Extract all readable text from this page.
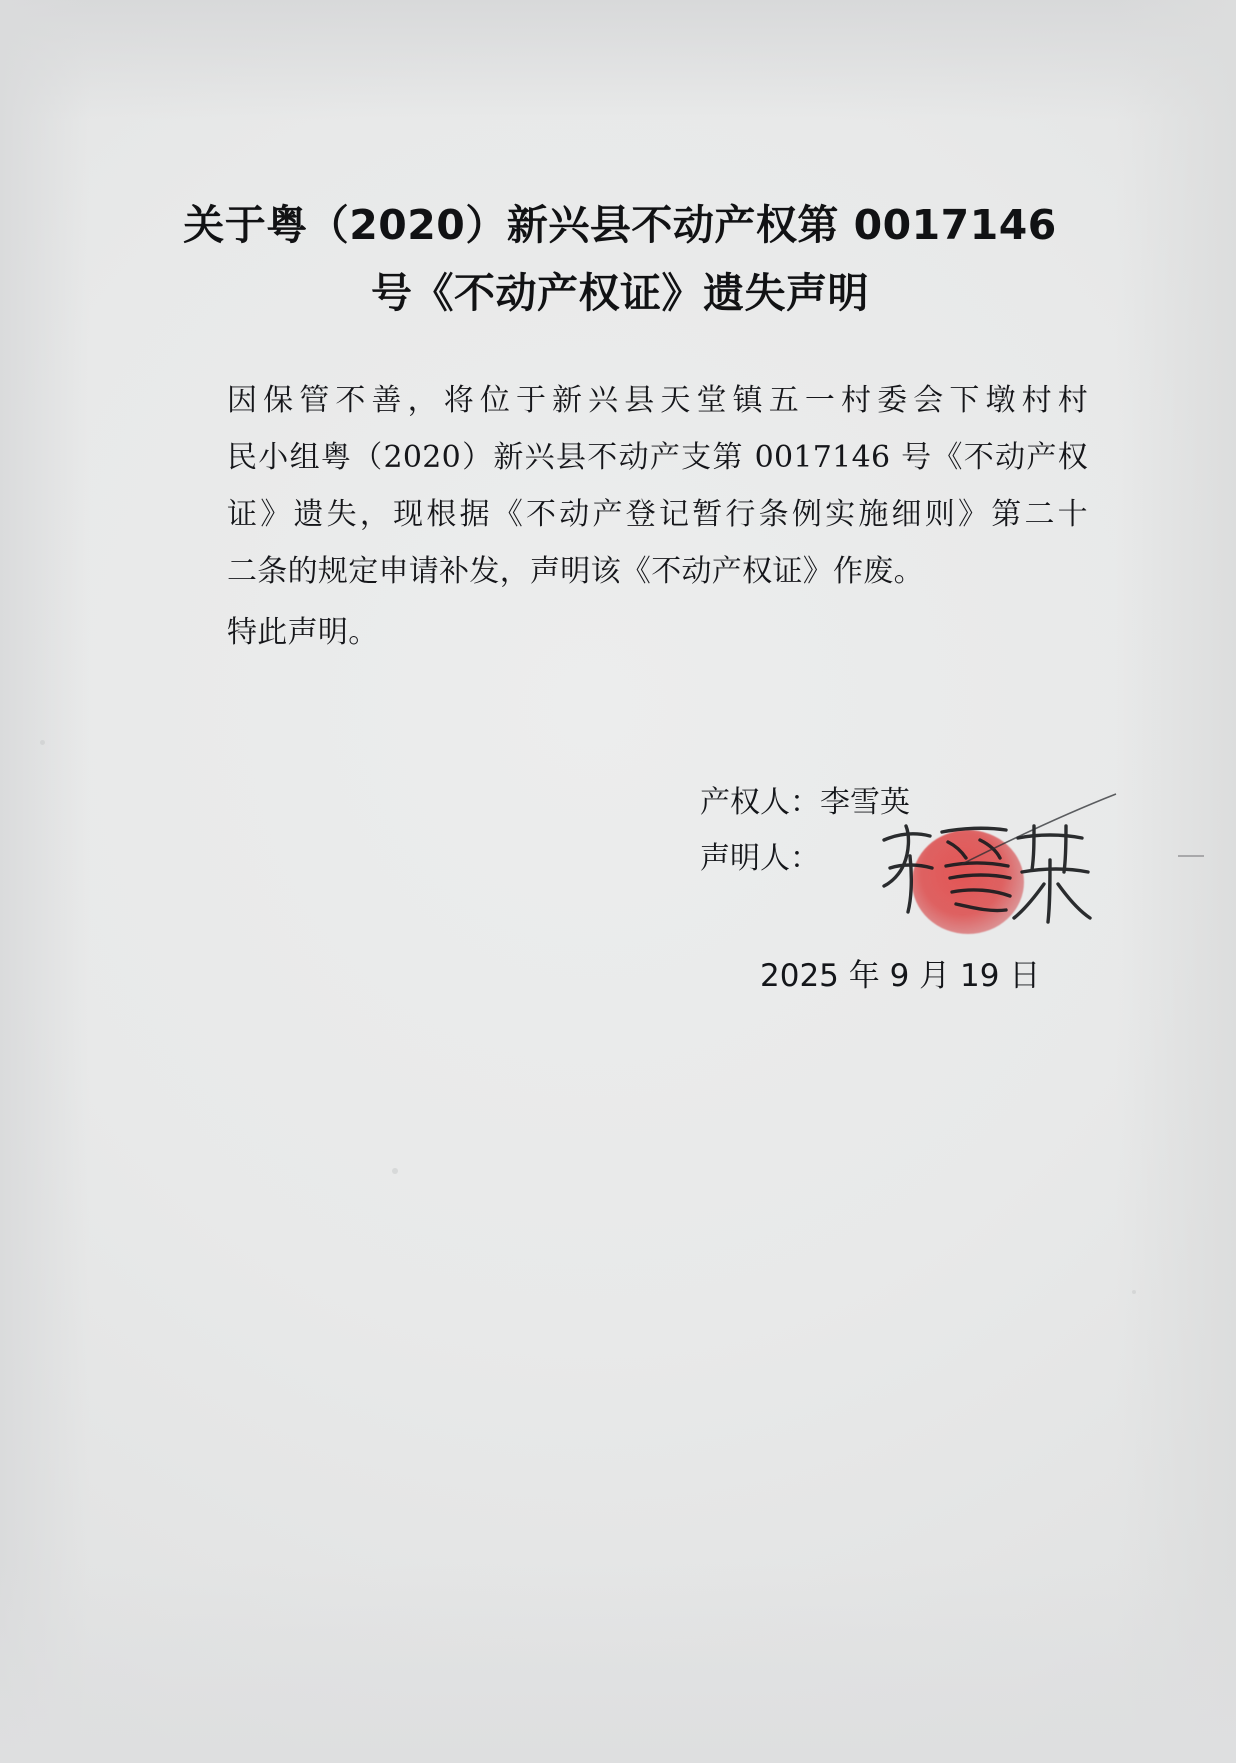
关于粤（2020）新兴县不动产权第 0017146
号《不动产权证》遗失声明

因保管不善，将位于新兴县天堂镇五一村委会下墩村村
民小组粤（2020）新兴县不动产支第 0017146 号《不动产权
证》遗失，现根据《不动产登记暂行条例实施细则》第二十
二条的规定申请补发，声明该《不动产权证》作废。

特此声明。

产权人：李雪英
声明人：
2025 年 9 月 19 日
